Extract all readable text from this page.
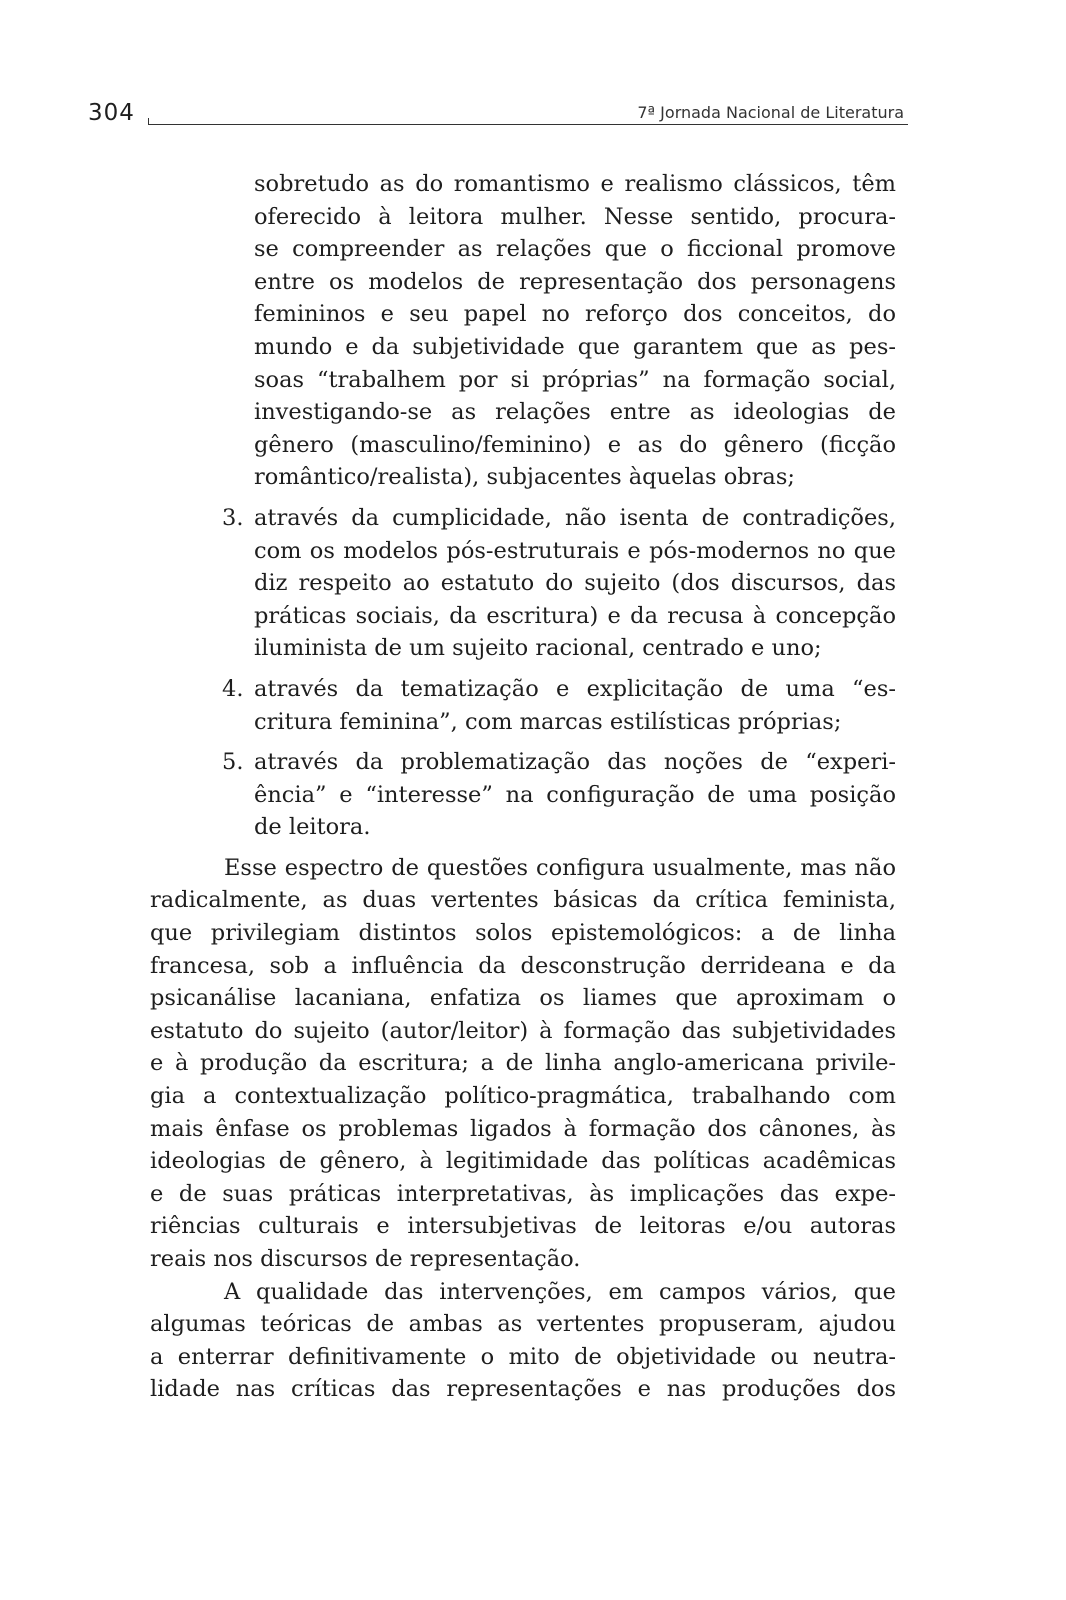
304	7ª Jornada Nacional de Literatura

sobretudo as do romantismo e realismo clássicos, têm
oferecido à leitora mulher. Nesse sentido, procura-
se compreender as relações que o ficcional promove
entre os modelos de representação dos personagens
femininos e seu papel no reforço dos conceitos, do
mundo e da subjetividade que garantem que as pes-
soas “trabalhem por si próprias” na formação social,
investigando-se as relações entre as ideologias de
gênero (masculino/feminino) e as do gênero (ficção
romântico/realista), subjacentes àquelas obras;

3. através da cumplicidade, não isenta de contradições,
com os modelos pós-estruturais e pós-modernos no que
diz respeito ao estatuto do sujeito (dos discursos, das
práticas sociais, da escritura) e da recusa à concepção
iluminista de um sujeito racional, centrado e uno;
4. através da tematização e explicitação de uma “es-
critura feminina”, com marcas estilísticas próprias;
5. através da problematização das noções de “experi-
ência” e “interesse” na configuração de uma posição
de leitora.

Esse espectro de questões configura usualmente, mas não
radicalmente, as duas vertentes básicas da crítica feminista,
que privilegiam distintos solos epistemológicos: a de linha
francesa, sob a influência da desconstrução derrideana e da
psicanálise lacaniana, enfatiza os liames que aproximam o
estatuto do sujeito (autor/leitor) à formação das subjetividades
e à produção da escritura; a de linha anglo-americana privile-
gia a contextualização político-pragmática, trabalhando com
mais ênfase os problemas ligados à formação dos cânones, às
ideologias de gênero, à legitimidade das políticas acadêmicas
e de suas práticas interpretativas, às implicações das expe-
riências culturais e intersubjetivas de leitoras e/ou autoras
reais nos discursos de representação.

A qualidade das intervenções, em campos vários, que
algumas teóricas de ambas as vertentes propuseram, ajudou
a enterrar definitivamente o mito de objetividade ou neutra-
lidade nas críticas das representações e nas produções dos
